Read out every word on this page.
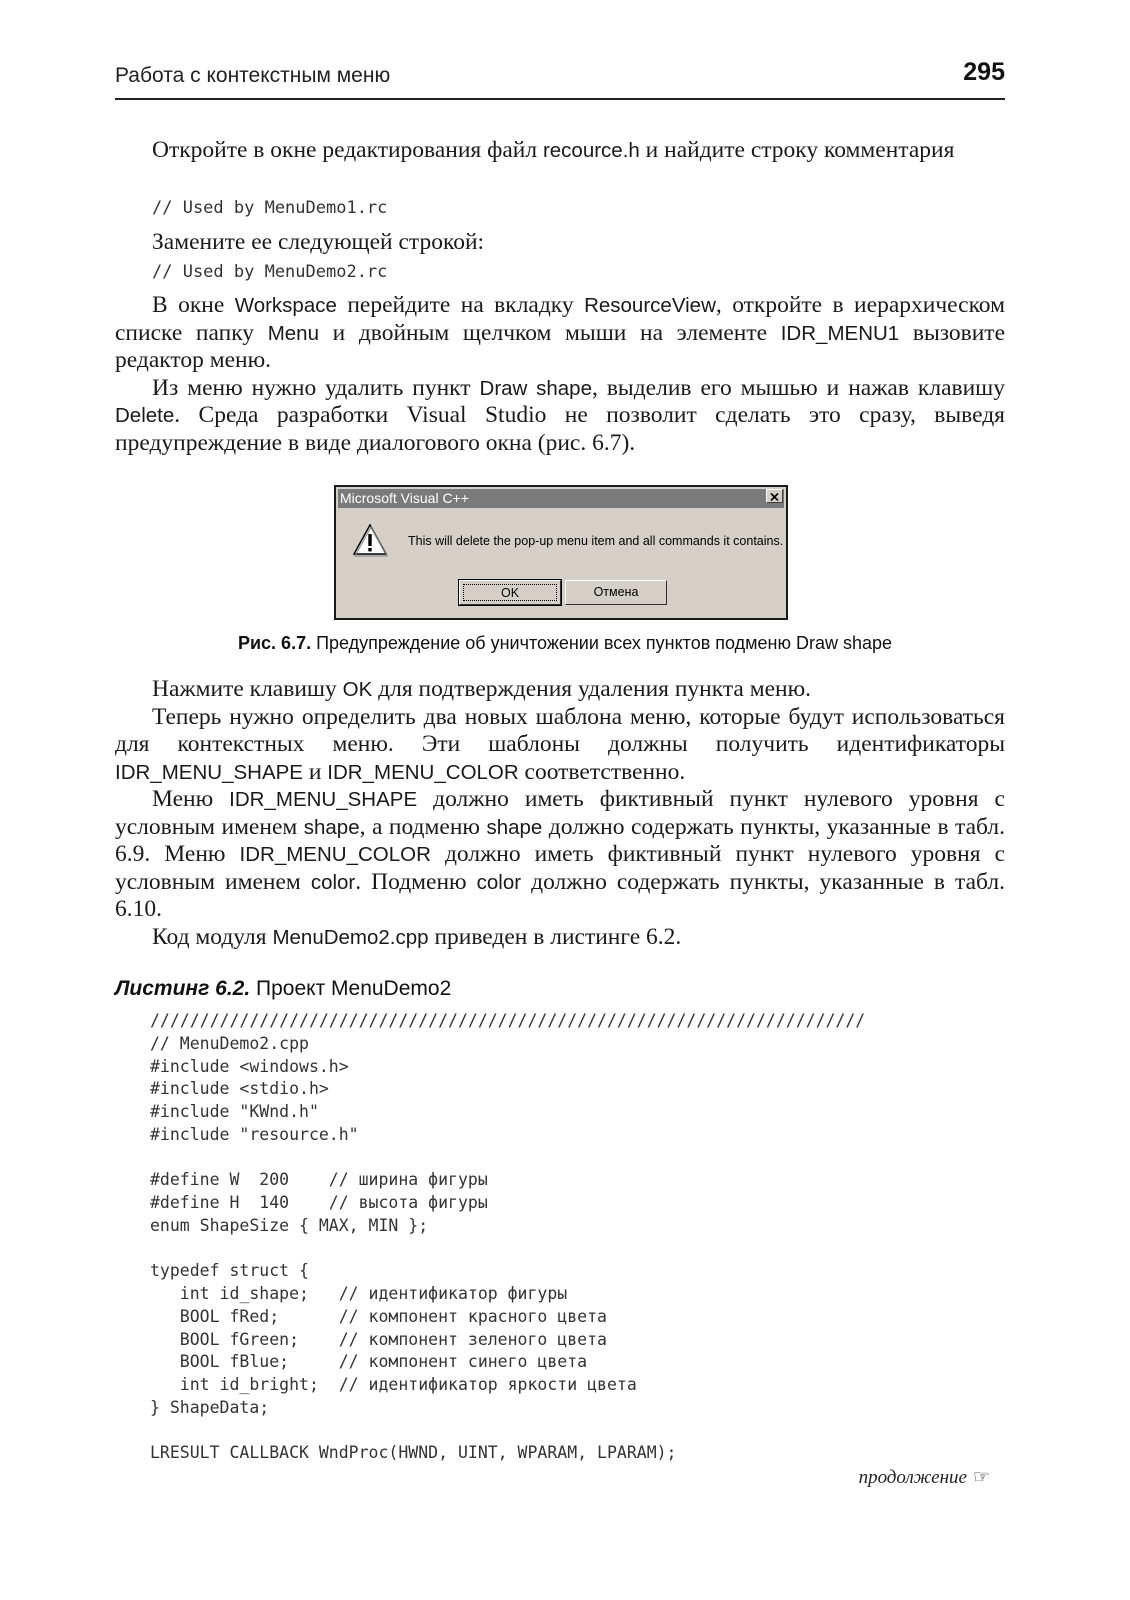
Работа с контекстным меню	295

Откройте в окне редактирования файл recource.h и найдите строку комментария

// Used by MenuDemo1.rc

Замените ее следующей строкой:

// Used by MenuDemo2.rc

В окне Workspace перейдите на вкладку ResourceView, откройте в иерархическом списке папку Menu и двойным щелчком мыши на элементе IDR_MENU1 вызовите редактор меню.

Из меню нужно удалить пункт Draw shape, выделив его мышью и нажав клавишу Delete. Среда разработки Visual Studio не позволит сделать это сразу, выведя предупреждение в виде диалогового окна (рис. 6.7).

Microsoft Visual C++
This will delete the pop-up menu item and all commands it contains.
OK	Отмена
Рис. 6.7. Предупреждение об уничтожении всех пунктов подменю Draw shape

Нажмите клавишу OK для подтверждения удаления пункта меню.

Теперь нужно определить два новых шаблона меню, которые будут использоваться для контекстных меню. Эти шаблоны должны получить идентификаторы IDR_MENU_SHAPE и IDR_MENU_COLOR соответственно.

Меню IDR_MENU_SHAPE должно иметь фиктивный пункт нулевого уровня с условным именем shape, а подменю shape должно содержать пункты, указанные в табл. 6.9. Меню IDR_MENU_COLOR должно иметь фиктивный пункт нулевого уровня с условным именем color. Подменю color должно содержать пункты, указанные в табл. 6.10.

Код модуля MenuDemo2.cpp приведен в листинге 6.2.

Листинг 6.2. Проект MenuDemo2
////////////////////////////////////////////////////////////////////////
// MenuDemo2.cpp
#include <windows.h>
#include <stdio.h>
#include "KWnd.h"
#include "resource.h"

#define W  200    // ширина фигуры
#define H  140    // высота фигуры
enum ShapeSize { MAX, MIN };

typedef struct {
int id_shape;   // идентификатор фигуры
BOOL fRed;      // компонент красного цвета
BOOL fGreen;    // компонент зеленого цвета
BOOL fBlue;     // компонент синего цвета
int id_bright;  // идентификатор яркости цвета
} ShapeData;

LRESULT CALLBACK WndProc(HWND, UINT, WPARAM, LPARAM);
продолжение ☞
